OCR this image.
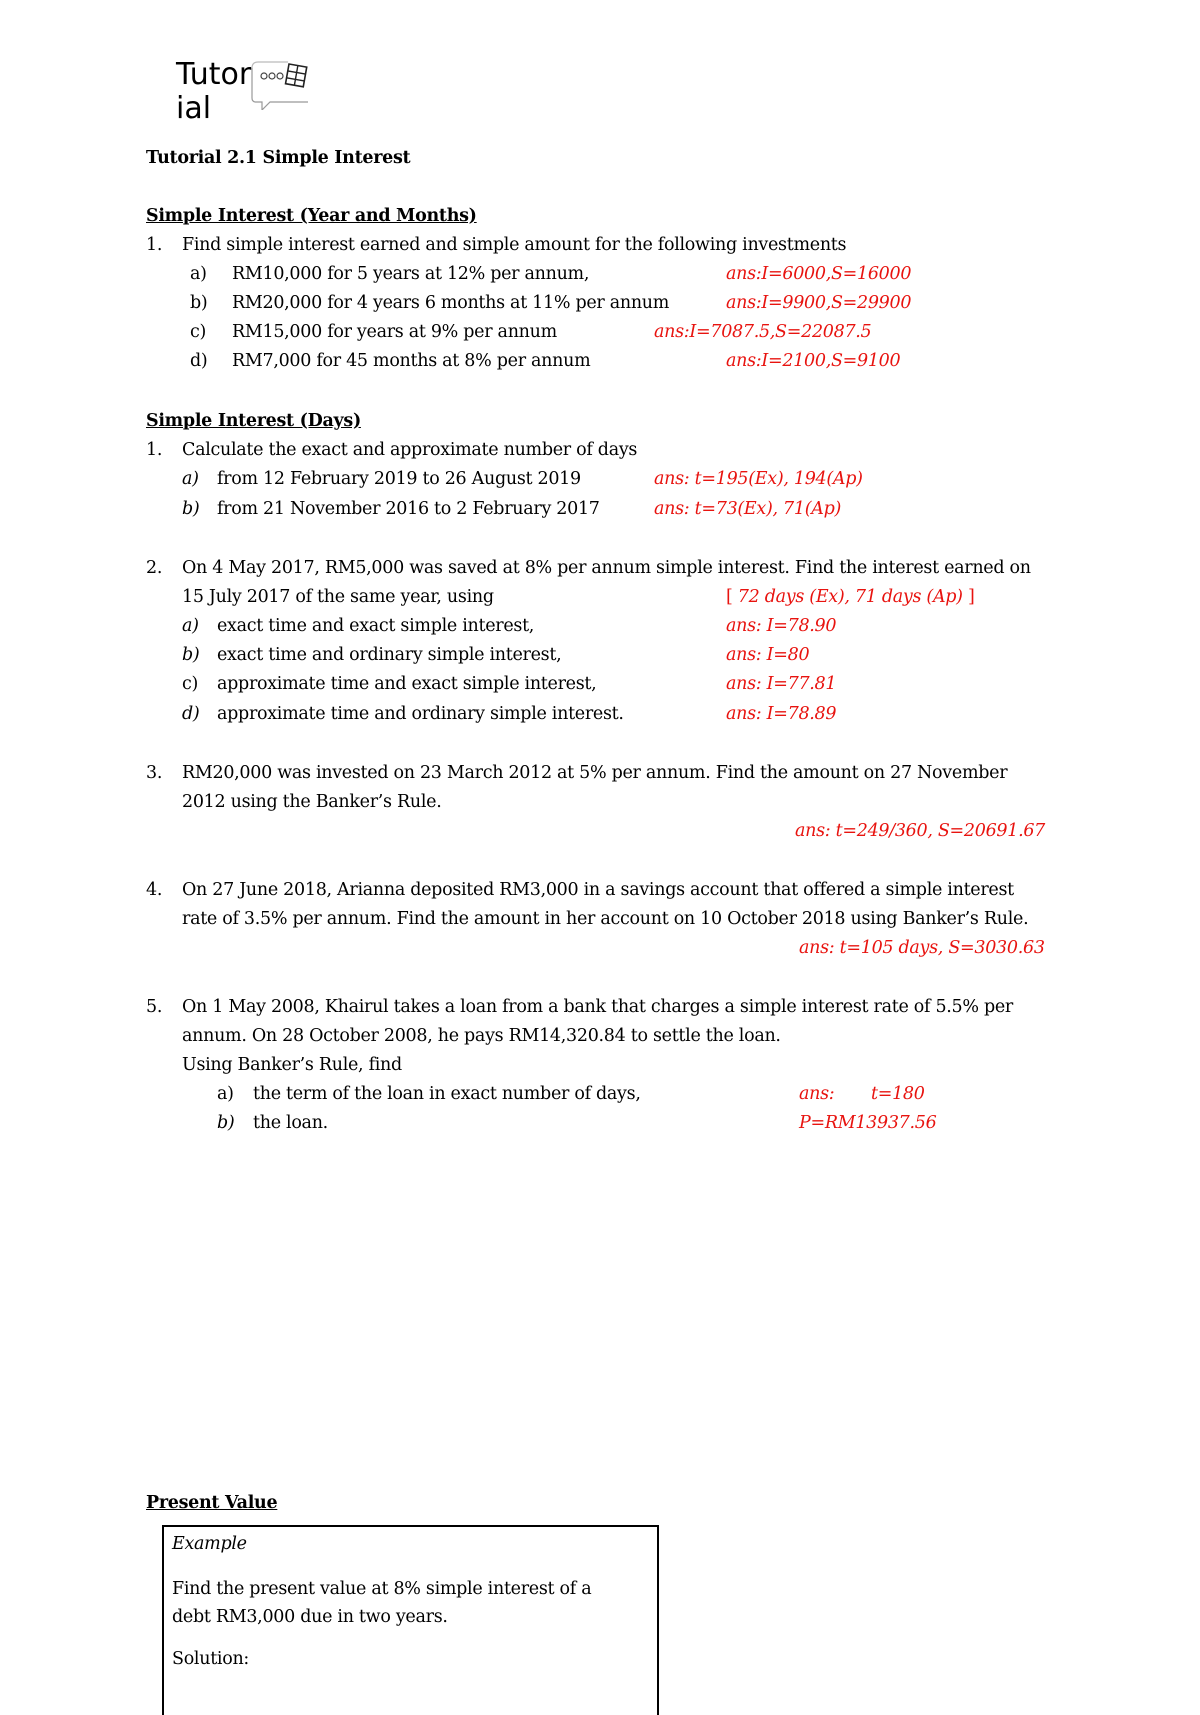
Tutor
ial
Tutorial 2.1 Simple Interest
Simple Interest (Year and Months)
1. Find simple interest earned and simple amount for the following investments
a) RM10,000 for 5 years at 12% per annum,	ans:I=6000,S=16000
b) RM20,000 for 4 years 6 months at 11% per annum	ans:I=9900,S=29900
c) RM15,000 for years at 9% per annum	ans:I=7087.5,S=22087.5
d) RM7,000 for 45 months at 8% per annum	ans:I=2100,S=9100
Simple Interest (Days)
1. Calculate the exact and approximate number of days
a) from 12 February 2019 to 26 August 2019	ans: t=195(Ex), 194(Ap)
b) from 21 November 2016 to 2 February 2017	ans: t=73(Ex), 71(Ap)
2. On 4 May 2017, RM5,000 was saved at 8% per annum simple interest. Find the interest earned on
15 July 2017 of the same year, using	[ 72 days (Ex), 71 days (Ap) ]
a) exact time and exact simple interest,	ans: I=78.90
b) exact time and ordinary simple interest,	ans: I=80
c) approximate time and exact simple interest,	ans: I=77.81
d) approximate time and ordinary simple interest.	ans: I=78.89
3. RM20,000 was invested on 23 March 2012 at 5% per annum. Find the amount on 27 November
2012 using the Banker’s Rule.
ans: t=249/360, S=20691.67
4. On 27 June 2018, Arianna deposited RM3,000 in a savings account that offered a simple interest
rate of 3.5% per annum. Find the amount in her account on 10 October 2018 using Banker’s Rule.
ans: t=105 days, S=3030.63
5. On 1 May 2008, Khairul takes a loan from a bank that charges a simple interest rate of 5.5% per
annum. On 28 October 2008, he pays RM14,320.84 to settle the loan.
Using Banker’s Rule, find
a) the term of the loan in exact number of days,	ans: t=180
b) the loan.	P=RM13937.56
Present Value
Example
Find the present value at 8% simple interest of a
debt RM3,000 due in two years.
Solution:
